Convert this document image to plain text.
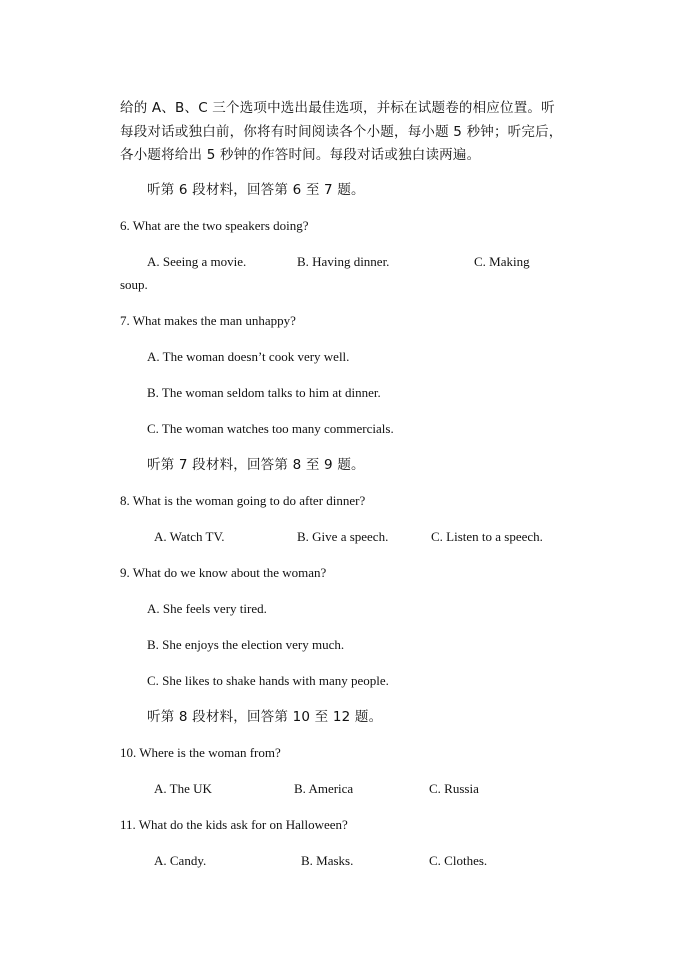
给的 A、B、C 三个选项中选出最佳选项，并标在试题卷的相应位置。听
每段对话或独白前，你将有时间阅读各个小题，每小题 5 秒钟；听完后，
各小题将给出 5 秒钟的作答时间。每段对话或独白读两遍。
听第 6 段材料，回答第 6 至 7 题。
6. What are the two speakers doing?
A. Seeing a movie.	B. Having dinner.	C. Making
soup.
7. What makes the man unhappy?
A. The woman doesn’t cook very well.
B. The woman seldom talks to him at dinner.
C. The woman watches too many commercials.
听第 7 段材料，回答第 8 至 9 题。
8. What is the woman going to do after dinner?
A. Watch TV.	B. Give a speech.	C. Listen to a speech.
9. What do we know about the woman?
A. She feels very tired.
B. She enjoys the election very much.
C. She likes to shake hands with many people.
听第 8 段材料，回答第 10 至 12 题。
10. Where is the woman from?
A. The UK	B. America	C. Russia
11. What do the kids ask for on Halloween?
A. Candy.	B. Masks.	C. Clothes.
